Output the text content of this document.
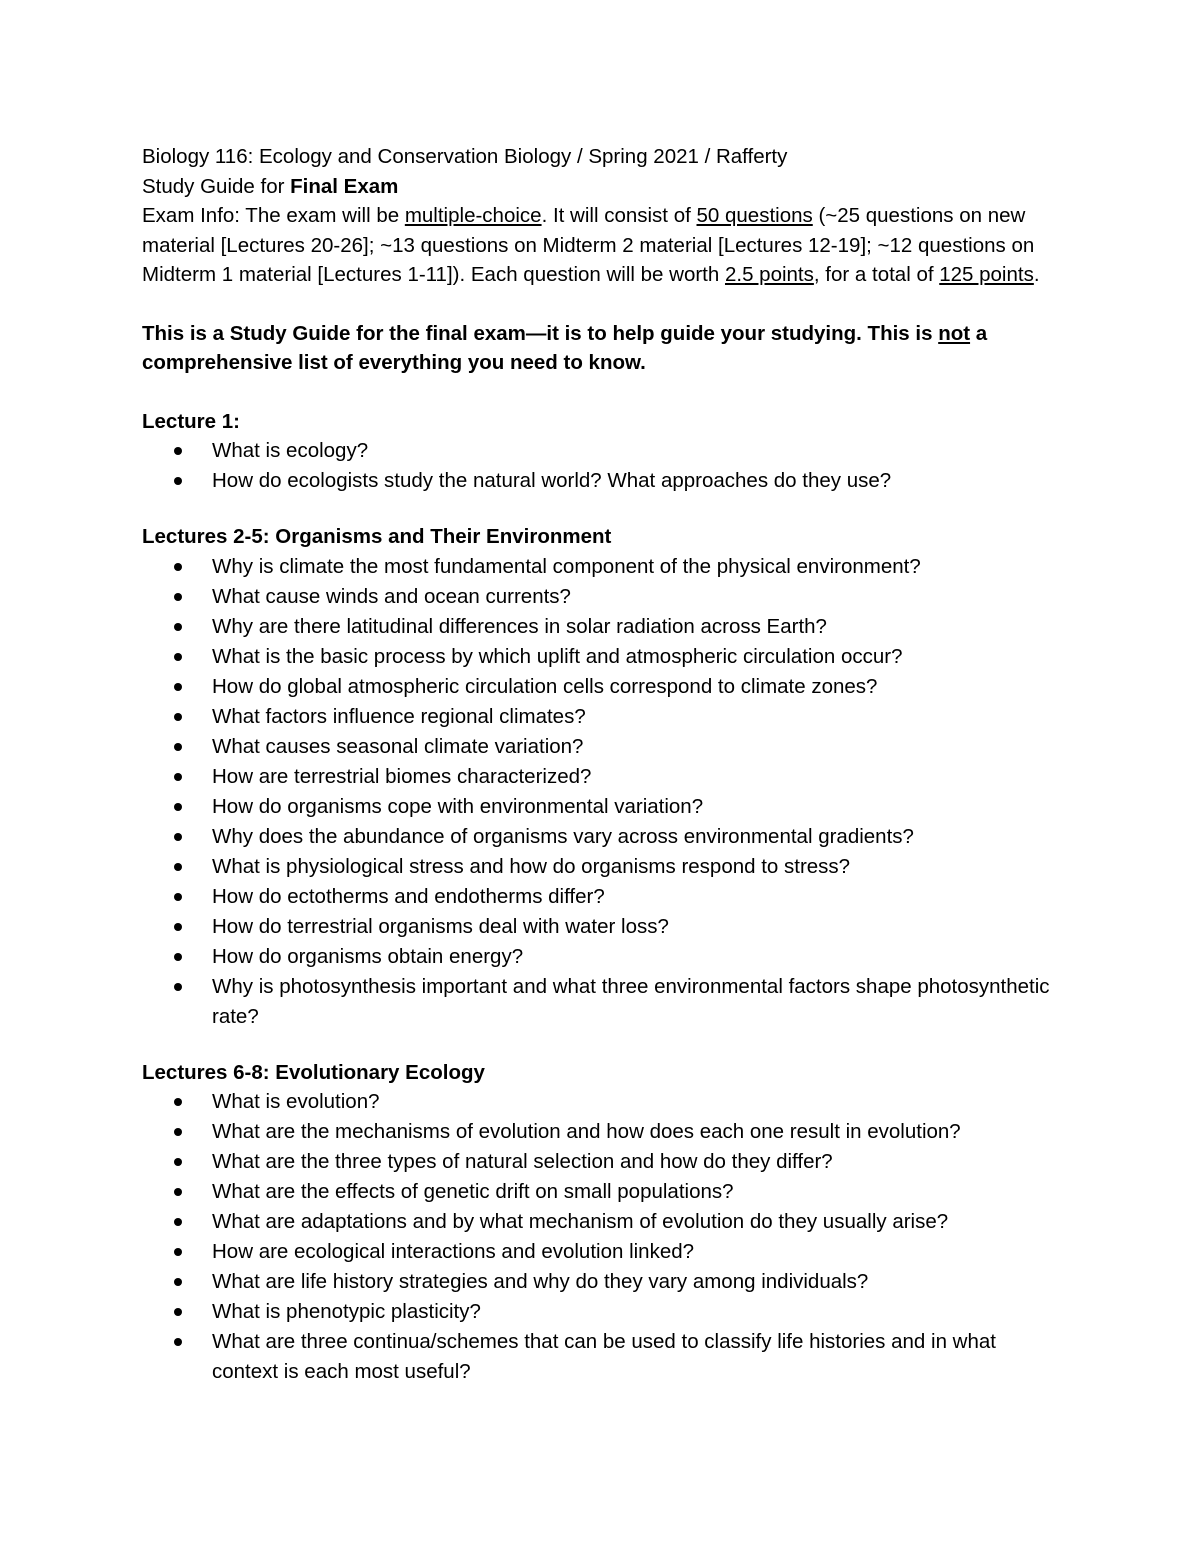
Biology 116: Ecology and Conservation Biology / Spring 2021 / Rafferty
Study Guide for Final Exam
Exam Info: The exam will be multiple-choice. It will consist of 50 questions (~25 questions on new material [Lectures 20-26]; ~13 questions on Midterm 2 material [Lectures 12-19]; ~12 questions on Midterm 1 material [Lectures 1-11]). Each question will be worth 2.5 points, for a total of 125 points.
This is a Study Guide for the final exam—it is to help guide your studying. This is not a comprehensive list of everything you need to know.
Lecture 1:
What is ecology?
How do ecologists study the natural world? What approaches do they use?
Lectures 2-5: Organisms and Their Environment
Why is climate the most fundamental component of the physical environment?
What cause winds and ocean currents?
Why are there latitudinal differences in solar radiation across Earth?
What is the basic process by which uplift and atmospheric circulation occur?
How do global atmospheric circulation cells correspond to climate zones?
What factors influence regional climates?
What causes seasonal climate variation?
How are terrestrial biomes characterized?
How do organisms cope with environmental variation?
Why does the abundance of organisms vary across environmental gradients?
What is physiological stress and how do organisms respond to stress?
How do ectotherms and endotherms differ?
How do terrestrial organisms deal with water loss?
How do organisms obtain energy?
Why is photosynthesis important and what three environmental factors shape photosynthetic rate?
Lectures 6-8: Evolutionary Ecology
What is evolution?
What are the mechanisms of evolution and how does each one result in evolution?
What are the three types of natural selection and how do they differ?
What are the effects of genetic drift on small populations?
What are adaptations and by what mechanism of evolution do they usually arise?
How are ecological interactions and evolution linked?
What are life history strategies and why do they vary among individuals?
What is phenotypic plasticity?
What are three continua/schemes that can be used to classify life histories and in what context is each most useful?
